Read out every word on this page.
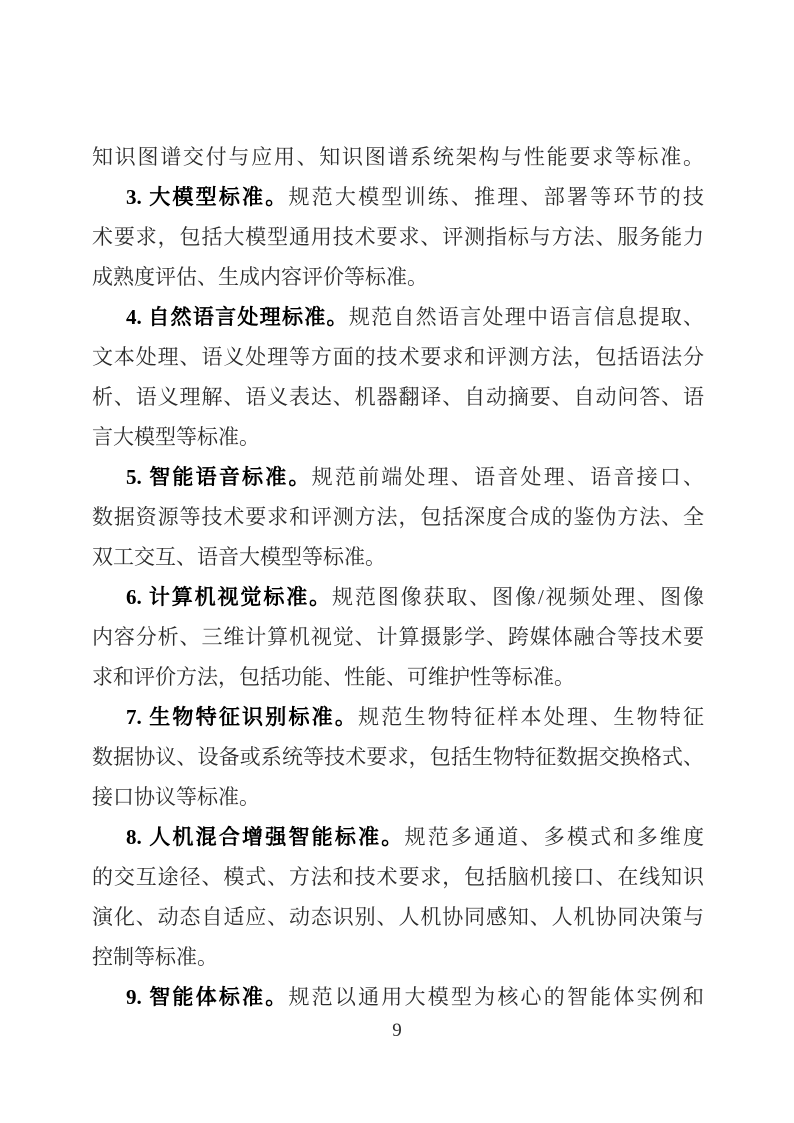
知识图谱交付与应用、知识图谱系统架构与性能要求等标准。
3. 大模型标准。规范大模型训练、推理、部署等环节的技
术要求，包括大模型通用技术要求、评测指标与方法、服务能力
成熟度评估、生成内容评价等标准。
4. 自然语言处理标准。规范自然语言处理中语言信息提取、
文本处理、语义处理等方面的技术要求和评测方法，包括语法分
析、语义理解、语义表达、机器翻译、自动摘要、自动问答、语
言大模型等标准。
5. 智能语音标准。规范前端处理、语音处理、语音接口、
数据资源等技术要求和评测方法，包括深度合成的鉴伪方法、全
双工交互、语音大模型等标准。
6. 计算机视觉标准。规范图像获取、图像/视频处理、图像
内容分析、三维计算机视觉、计算摄影学、跨媒体融合等技术要
求和评价方法，包括功能、性能、可维护性等标准。
7. 生物特征识别标准。规范生物特征样本处理、生物特征
数据协议、设备或系统等技术要求，包括生物特征数据交换格式、
接口协议等标准。
8. 人机混合增强智能标准。规范多通道、多模式和多维度
的交互途径、模式、方法和技术要求，包括脑机接口、在线知识
演化、动态自适应、动态识别、人机协同感知、人机协同决策与
控制等标准。
9. 智能体标准。规范以通用大模型为核心的智能体实例和
9
